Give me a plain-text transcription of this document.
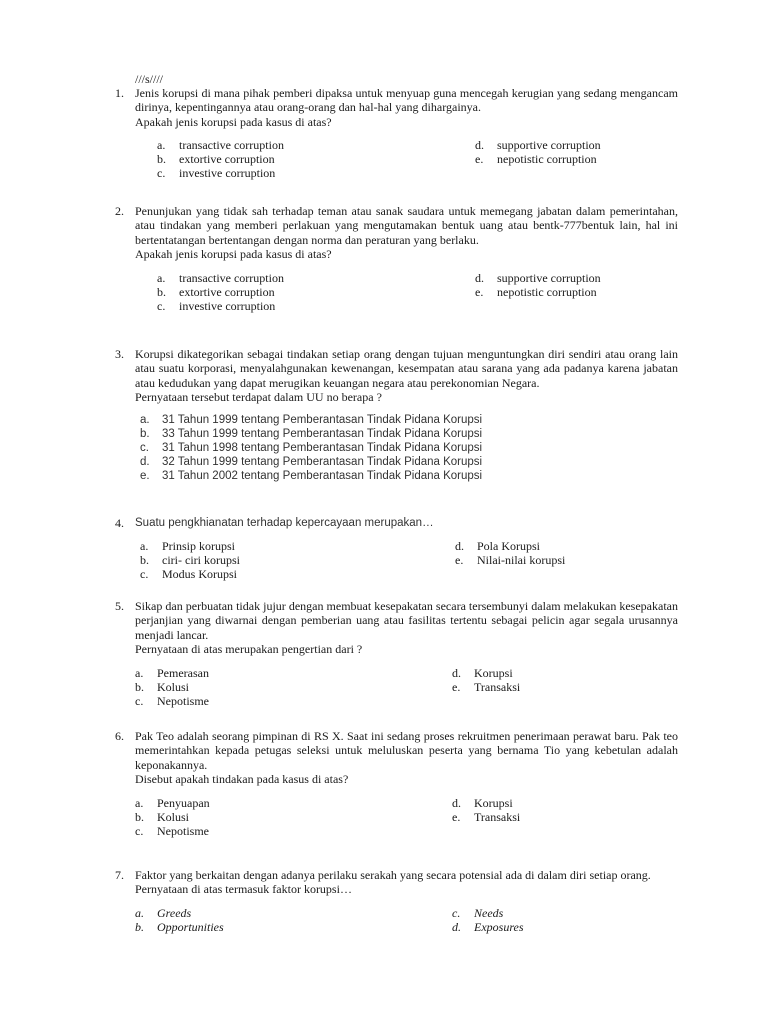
///s////
1. Jenis korupsi di mana pihak pemberi dipaksa untuk menyuap guna mencegah kerugian yang sedang mengancam dirinya, kepentingannya atau orang-orang dan hal-hal yang dihargainya.
Apakah jenis korupsi pada kasus di atas?
a. transactive corruption
b. extortive corruption
c. investive corruption
d. supportive corruption
e. nepotistic corruption
2. Penunjukan yang tidak sah terhadap teman atau sanak saudara untuk memegang jabatan dalam pemerintahan, atau tindakan yang memberi perlakuan yang mengutamakan bentuk uang atau bentk-777bentuk lain, hal ini bertentatangan bertentangan dengan norma dan peraturan yang berlaku.
Apakah jenis korupsi pada kasus di atas?
a. transactive corruption
b. extortive corruption
c. investive corruption
d. supportive corruption
e. nepotistic corruption
3. Korupsi dikategorikan sebagai tindakan setiap orang dengan tujuan menguntungkan diri sendiri atau orang lain atau suatu korporasi, menyalahgunakan kewenangan, kesempatan atau sarana yang ada padanya karena jabatan atau kedudukan yang dapat merugikan keuangan negara atau perekonomian Negara.
Pernyataan tersebut terdapat dalam UU no berapa ?
a. 31 Tahun 1999 tentang Pemberantasan Tindak Pidana Korupsi
b. 33 Tahun 1999 tentang Pemberantasan Tindak Pidana Korupsi
c. 31 Tahun 1998 tentang Pemberantasan Tindak Pidana Korupsi
d. 32 Tahun 1999 tentang Pemberantasan Tindak Pidana Korupsi
e. 31 Tahun 2002 tentang Pemberantasan Tindak Pidana Korupsi
4. Suatu pengkhianatan terhadap kepercayaan merupakan…
a. Prinsip korupsi
b. ciri- ciri korupsi
c. Modus Korupsi
d. Pola Korupsi
e. Nilai-nilai korupsi
5. Sikap dan perbuatan tidak jujur dengan membuat kesepakatan secara tersembunyi dalam melakukan kesepakatan perjanjian yang diwarnai dengan pemberian uang atau fasilitas tertentu sebagai pelicin agar segala urusannya menjadi lancar.
Pernyataan di atas merupakan pengertian dari ?
a. Pemerasan
b. Kolusi
c. Nepotisme
d. Korupsi
e. Transaksi
6. Pak Teo adalah seorang pimpinan di RS X. Saat ini sedang proses rekruitmen penerimaan perawat baru. Pak teo memerintahkan kepada petugas seleksi untuk meluluskan peserta yang bernama Tio yang kebetulan adalah keponakannya.
Disebut apakah tindakan pada kasus di atas?
a. Penyuapan
b. Kolusi
c. Nepotisme
d. Korupsi
e. Transaksi
7. Faktor yang berkaitan dengan adanya perilaku serakah yang secara potensial ada di dalam diri setiap orang.
Pernyataan di atas termasuk faktor korupsi…
a. Greeds
b. Opportunities
c. Needs
d. Exposures
